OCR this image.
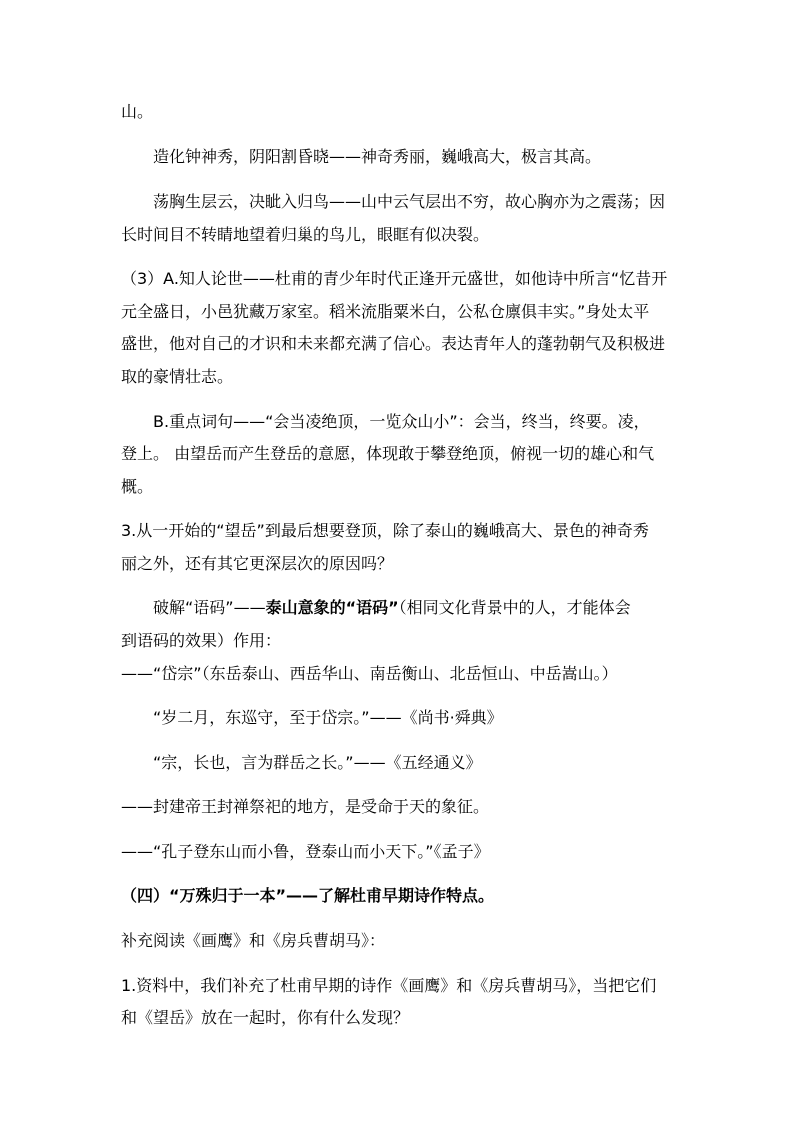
山。
造化钟神秀，阴阳割昏晓——神奇秀丽，巍峨高大，极言其高。
荡胸生层云，决眦入归鸟——山中云气层出不穷，故心胸亦为之震荡；因
长时间目不转睛地望着归巢的鸟儿，眼眶有似决裂。
（3）A.知人论世——杜甫的青少年时代正逢开元盛世，如他诗中所言“忆昔开
元全盛日，小邑犹藏万家室。稻米流脂粟米白，公私仓廪俱丰实。”身处太平
盛世，他对自己的才识和未来都充满了信心。表达青年人的蓬勃朝气及积极进
取的豪情壮志。
B.重点词句——“会当凌绝顶，一览众山小”：会当，终当，终要。凌，
登上。 由望岳而产生登岳的意愿，体现敢于攀登绝顶，俯视一切的雄心和气
概。
3.从一开始的“望岳”到最后想要登顶，除了泰山的巍峨高大、景色的神奇秀
丽之外，还有其它更深层次的原因吗？
破解“语码”——泰山意象的“语码”（相同文化背景中的人，才能体会
到语码的效果）作用：
——“岱宗”（东岳泰山、西岳华山、南岳衡山、北岳恒山、中岳嵩山。）
“岁二月，东巡守，至于岱宗。”——《尚书·舜典》
“宗，长也，言为群岳之长。”——《五经通义》
——封建帝王封禅祭祀的地方，是受命于天的象征。
——“孔子登东山而小鲁，登泰山而小天下。”《孟子》
（四）“万殊归于一本”——了解杜甫早期诗作特点。
补充阅读《画鹰》和《房兵曹胡马》：
1.资料中，我们补充了杜甫早期的诗作《画鹰》和《房兵曹胡马》，当把它们
和《望岳》放在一起时，你有什么发现？
